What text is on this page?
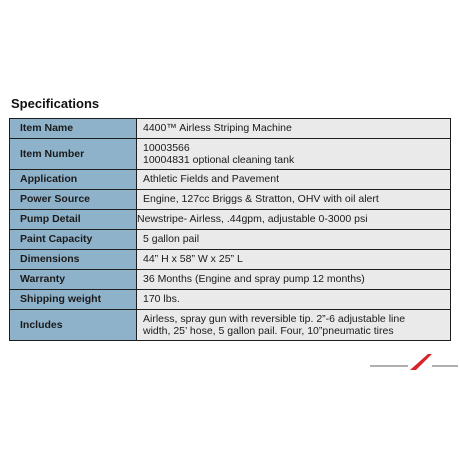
Specifications
Item Name	4400™ Airless Striping Machine

Item Number	10003566
10004831 optional cleaning tank

Application	Athletic Fields and Pavement

Power Source	Engine, 127cc Briggs & Stratton, OHV with oil alert

Pump Detail	Newstripe- Airless, .44gpm, adjustable 0-3000 psi

Paint Capacity	5 gallon pail

Dimensions	44” H x 58” W x 25” L

Warranty	36 Months (Engine and spray pump 12 months)

Shipping weight	170 lbs.

Includes	Airless, spray gun with reversible tip. 2”-6 adjustable line
width, 25’ hose, 5 gallon pail. Four, 10”pneumatic tires
